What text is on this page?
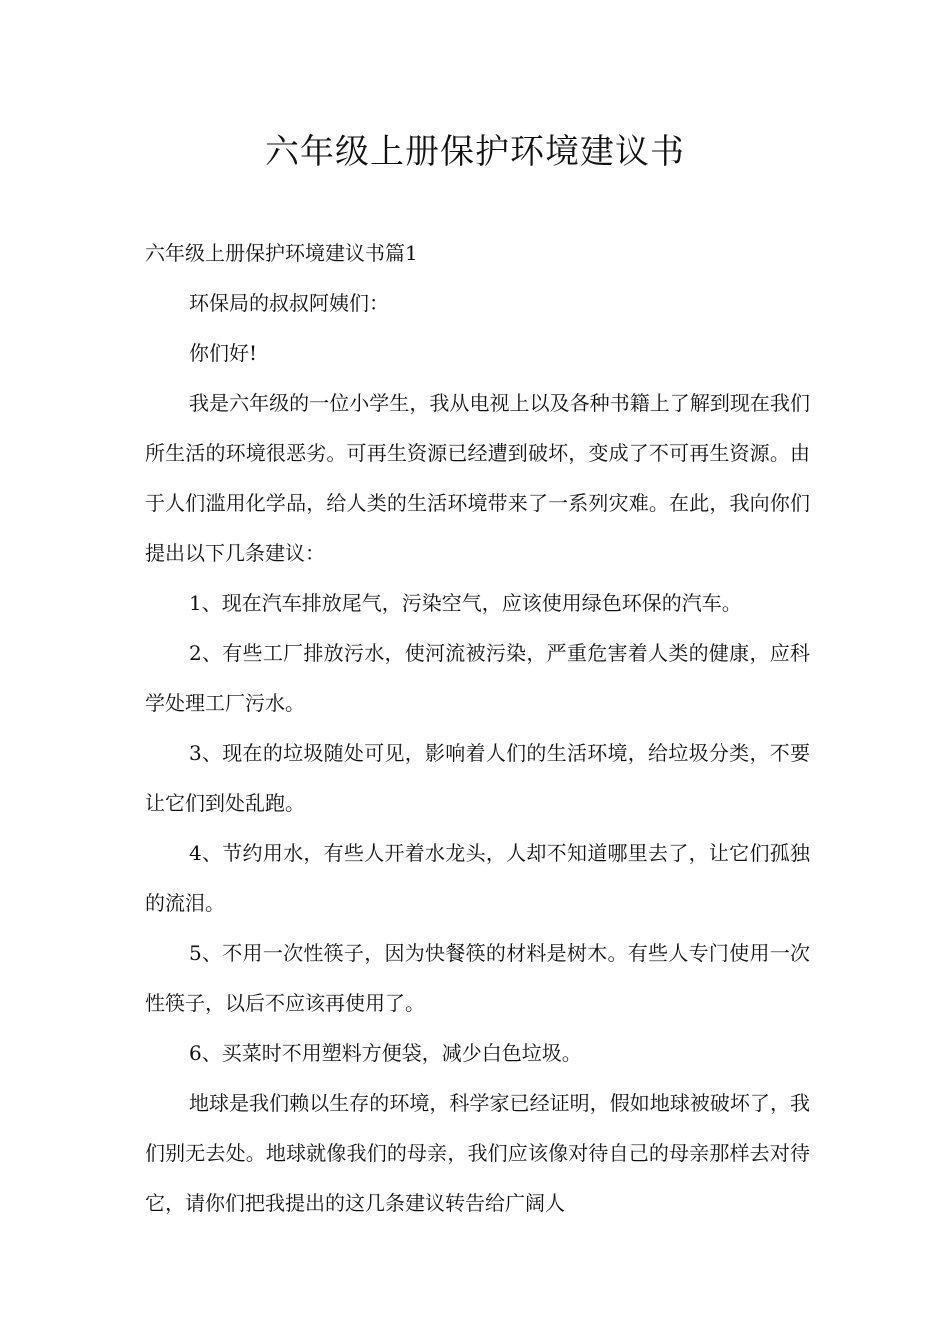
六年级上册保护环境建议书

六年级上册保护环境建议书篇1

环保局的叔叔阿姨们：

你们好!

我是六年级的一位小学生，我从电视上以及各种书籍上了解到现在我们所生活的环境很恶劣。可再生资源已经遭到破坏，变成了不可再生资源。由于人们滥用化学品，给人类的生活环境带来了一系列灾难。在此，我向你们提出以下几条建议：

1、现在汽车排放尾气，污染空气，应该使用绿色环保的汽车。

2、有些工厂排放污水，使河流被污染，严重危害着人类的健康，应科学处理工厂污水。

3、现在的垃圾随处可见，影响着人们的生活环境，给垃圾分类，不要让它们到处乱跑。

4、节约用水，有些人开着水龙头，人却不知道哪里去了，让它们孤独的流泪。

5、不用一次性筷子，因为快餐筷的材料是树木。有些人专门使用一次性筷子，以后不应该再使用了。

6、买菜时不用塑料方便袋，减少白色垃圾。

地球是我们赖以生存的环境，科学家已经证明，假如地球被破坏了，我们别无去处。地球就像我们的母亲，我们应该像对待自己的母亲那样去对待它，请你们把我提出的这几条建议转告给广阔人
